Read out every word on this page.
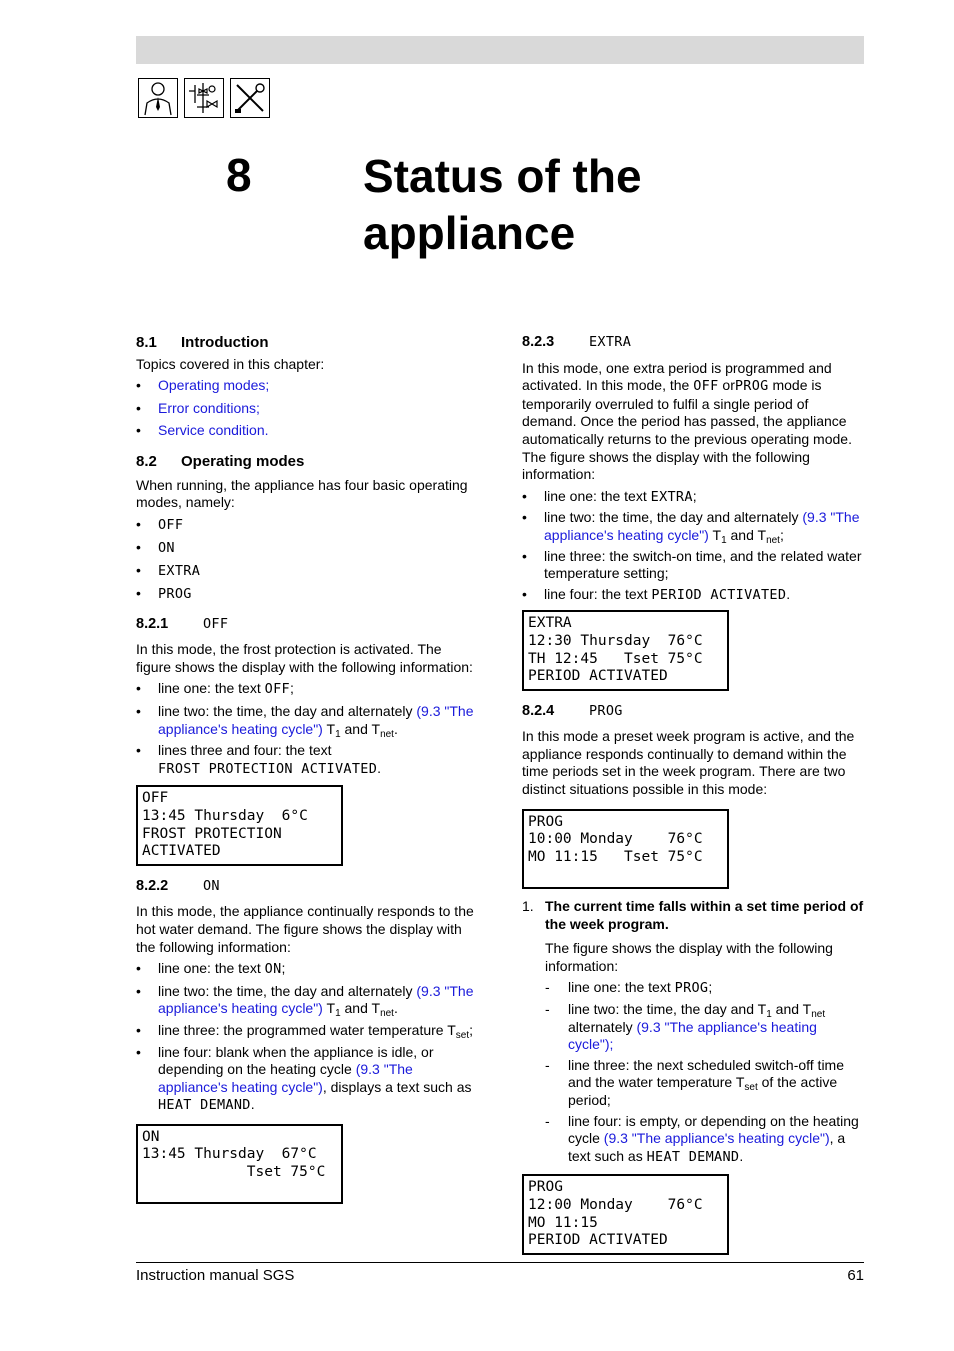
8 Status of the
appliance
8.1 Introduction

Topics covered in this chapter:

• Operating modes;
• Error conditions;
• Service condition.
8.2 Operating modes

When running, the appliance has four basic operating modes, namely:

• OFF
• ON
• EXTRA
• PROG
8.2.1	OFF

In this mode, the frost protection is activated. The figure shows the display with the following information:

• line one: the text OFF;
• line two: the time, the day and alternately (9.3 "The appliance's heating cycle") $T_1$ and $T_{net}$.
• lines three and four: the text
FROST PROTECTION ACTIVATED.
OFF
13:45 Thursday  6°C
FROST PROTECTION
ACTIVATED
8.2.2	ON

In this mode, the appliance continually responds to the hot water demand. The figure shows the display with the following information:

• line one: the text ON;
• line two: the time, the day and alternately (9.3 "The appliance's heating cycle") $T_1$ and $T_{net}$.
• line three: the programmed water temperature $T_{set}$;
• line four: blank when the appliance is idle, or depending on the heating cycle (9.3 "The appliance's heating cycle"), displays a text such as HEAT DEMAND.
ON
13:45 Thursday  67°C
Tset 75°C

8.2.3	EXTRA

In this mode, one extra period is programmed and activated. In this mode, the OFF orPROG mode is temporarily overruled to fulfil a single period of demand. Once the period has passed, the appliance automatically returns to the previous operating mode. The figure shows the display with the following information:

• line one: the text EXTRA;
• line two: the time, the day and alternately (9.3 "The appliance's heating cycle") $T_1$ and $T_{net}$;
• line three: the switch-on time, and the related water temperature setting;
• line four: the text PERIOD ACTIVATED.
EXTRA
12:30 Thursday  76°C
TH 12:45   Tset 75°C
PERIOD ACTIVATED
8.2.4	PROG

In this mode a preset week program is active, and the appliance responds continually to demand within the time periods set in the week program. There are two distinct situations possible in this mode:

PROG
10:00 Monday    76°C
MO 11:15   Tset 75°C

1. The current time falls within a set time period of the week program.

The figure shows the display with the following information:

- line one: the text PROG;
- line two: the time, the day and $T_1$ and $T_{net}$ alternately (9.3 "The appliance's heating cycle");
- line three: the next scheduled switch-off time and the water temperature $T_{set}$ of the active period;
- line four: is empty, or depending on the heating cycle (9.3 "The appliance's heating cycle"), a text such as HEAT DEMAND.
PROG
12:00 Monday    76°C
MO 11:15
PERIOD ACTIVATED
Instruction manual SGS	61
